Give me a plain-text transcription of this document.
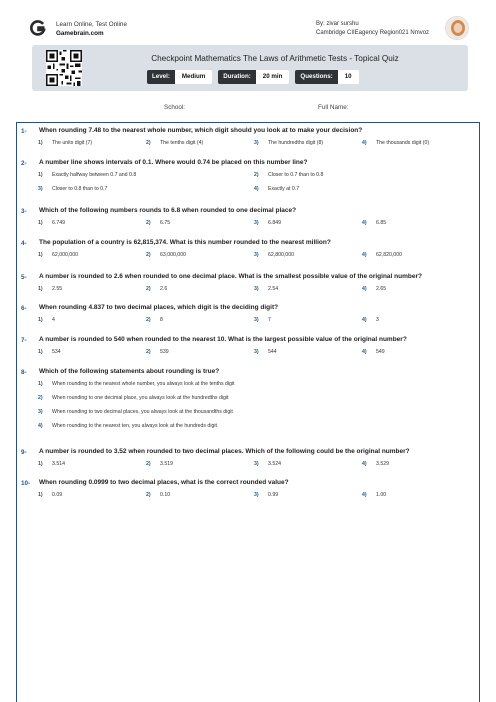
Learn Online, Test Online
Gamebrain.com
By: zivar surshu
Cambridge CIIEagency Region021 Nmvoz
Checkpoint Mathematics The Laws of Arithmetic Tests - Topical Quiz
Level:	Medium	Duration:	20 min	Questions:	10
School:	Full Name:
1- When rounding 7.48 to the nearest whole number, which digit should you look at to make your decision?
1) The units digit (7)	2) The tenths digit (4)	3) The hundredths digit (8)	4) The thousands digit (0)
2- A number line shows intervals of 0.1. Where would 0.74 be placed on this number line?
1) Exactly halfway between 0.7 and 0.8	2) Closer to 0.7 than to 0.8
3) Closer to 0.8 than to 0.7	4) Exactly at 0.7
3- Which of the following numbers rounds to 6.8 when rounded to one decimal place?
1) 6.749	2) 6.75	3) 6.849	4) 6.85
4- The population of a country is 62,815,374. What is this number rounded to the nearest million?
1) 62,000,000	2) 63,000,000	3) 62,800,000	4) 62,820,000
5- A number is rounded to 2.6 when rounded to one decimal place. What is the smallest possible value of the original number?
1) 2.55	2) 2.6	3) 2.54	4) 2.65
6- When rounding 4.837 to two decimal places, which digit is the deciding digit?
1) 4	2) 8	3) 7	4) 3
7- A number is rounded to 540 when rounded to the nearest 10. What is the largest possible value of the original number?
1) 534	2) 539	3) 544	4) 549
8- Which of the following statements about rounding is true?
1) When rounding to the nearest whole number, you always look at the tenths digit
2) When rounding to one decimal place, you always look at the hundredths digit
3) When rounding to two decimal places, you always look at the thousandths digit
4) When rounding to the nearest ten, you always look at the hundreds digit
9- A number is rounded to 3.52 when rounded to two decimal places. Which of the following could be the original number?
1) 3.514	2) 3.519	3) 3.524	4) 3.529
10- When rounding 0.0999 to two decimal places, what is the correct rounded value?
1) 0.09	2) 0.10	3) 0.99	4) 1.00
